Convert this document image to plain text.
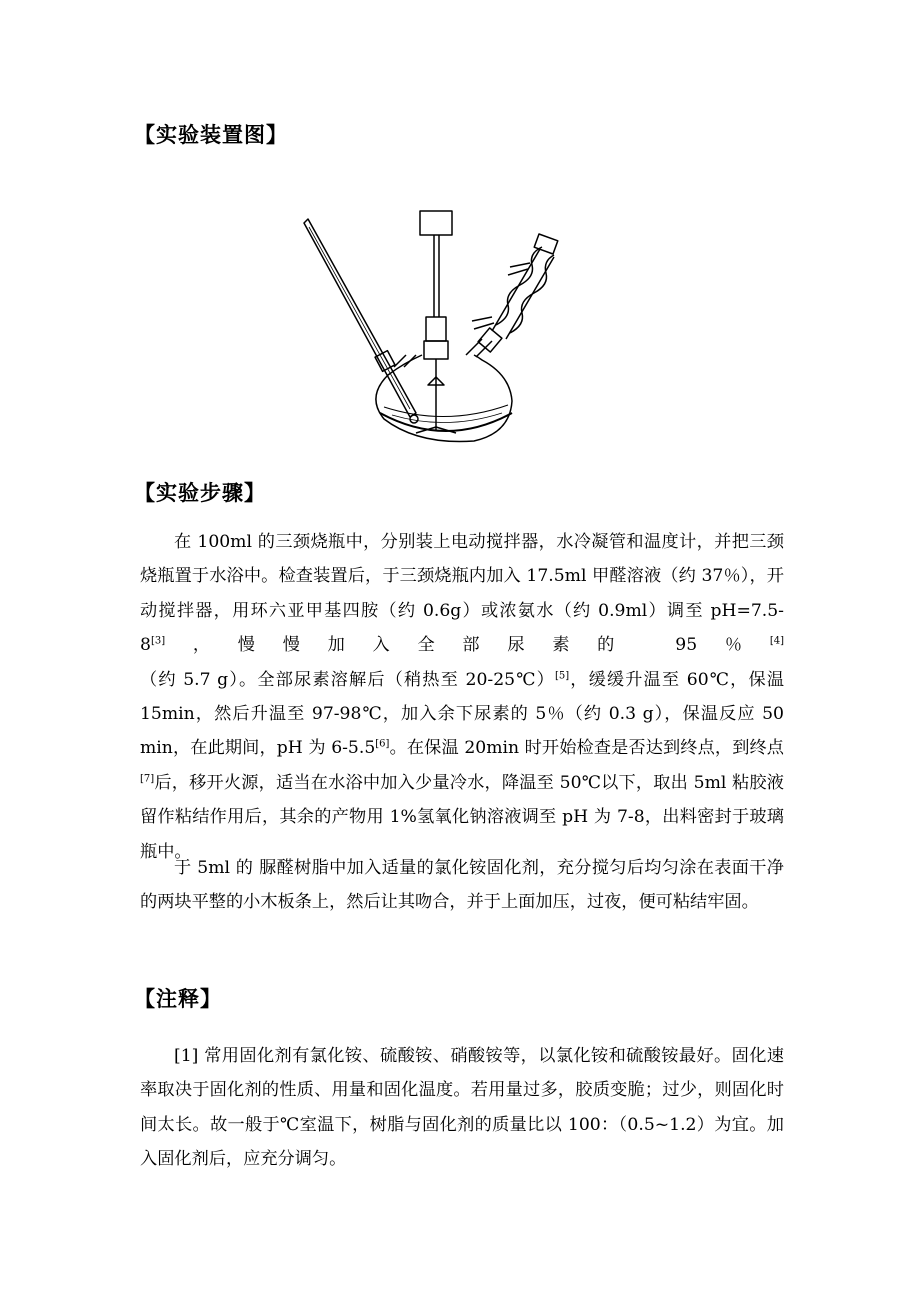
【实验装置图】
【实验步骤】

在 100ml 的三颈烧瓶中，分别装上电动搅拌器，水冷凝管和温度计，并把三颈烧瓶置于水浴中。检查装置后，于三颈烧瓶内加入 17.5ml 甲醛溶液（约 37％），开动搅拌器，用环六亚甲基四胺（约 0.6g）或浓氨水（约 0.9ml）调至 pH=7.5-8[3]，慢慢加入全部尿素的 95％[4]（约 5.7 g）。全部尿素溶解后（稍热至 20-25℃）[5]，缓缓升温至 60℃，保温 15min，然后升温至 97-98℃，加入余下尿素的 5％（约 0.3 g），保温反应 50 min，在此期间，pH 为 6-5.5[6]。在保温 20min 时开始检查是否达到终点，到终点[7]后，移开火源，适当在水浴中加入少量冷水，降温至 50℃以下，取出 5ml 粘胶液留作粘结作用后，其余的产物用 1%氢氧化钠溶液调至 pH 为 7-8，出料密封于玻璃瓶中。

于 5ml 的 脲醛树脂中加入适量的氯化铵固化剂，充分搅匀后均匀涂在表面干净的两块平整的小木板条上，然后让其吻合，并于上面加压，过夜，便可粘结牢固。

【注释】

[1] 常用固化剂有氯化铵、硫酸铵、硝酸铵等，以氯化铵和硫酸铵最好。固化速率取决于固化剂的性质、用量和固化温度。若用量过多，胶质变脆；过少，则固化时间太长。故一般于℃室温下，树脂与固化剂的质量比以 100：（0.5~1.2）为宜。加入固化剂后，应充分调匀。
